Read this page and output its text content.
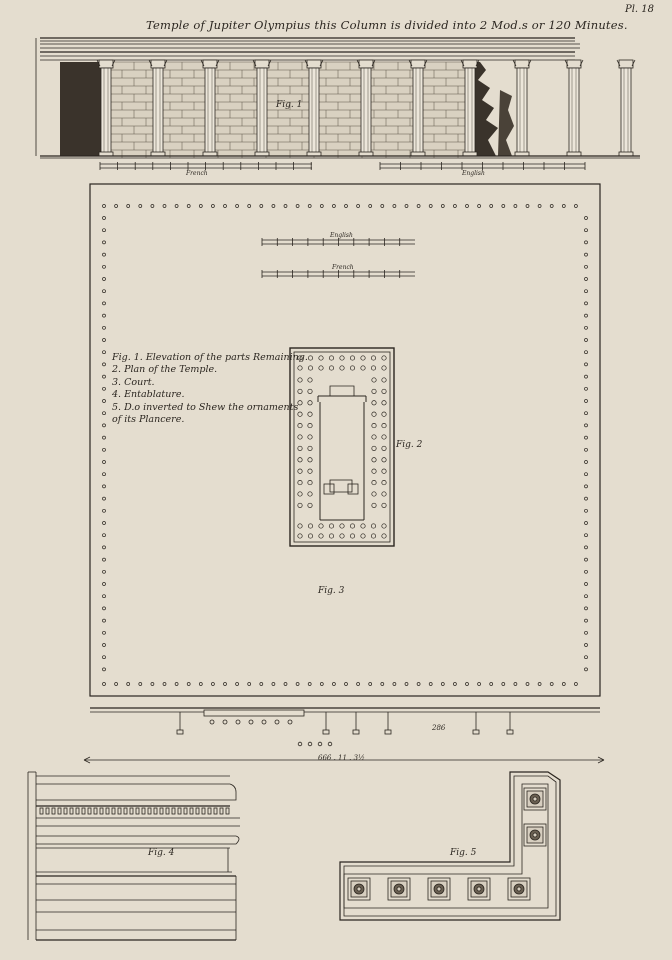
Temple of Jupiter Olympius this Column is divided into 2 Mod.s or 120 Minutes.
Pl. 18
French	English
English
French
Fig. 1
Fig. 2
Fig. 3
Fig. 4	Fig. 5
Fig. 1. Elevation of the parts Remaining.
2. Plan of the Temple.
3. Court.
4. Entablature.
5. D.o inverted to Shew the ornaments
of its Plancere.
666 . 11 . 3½
286
